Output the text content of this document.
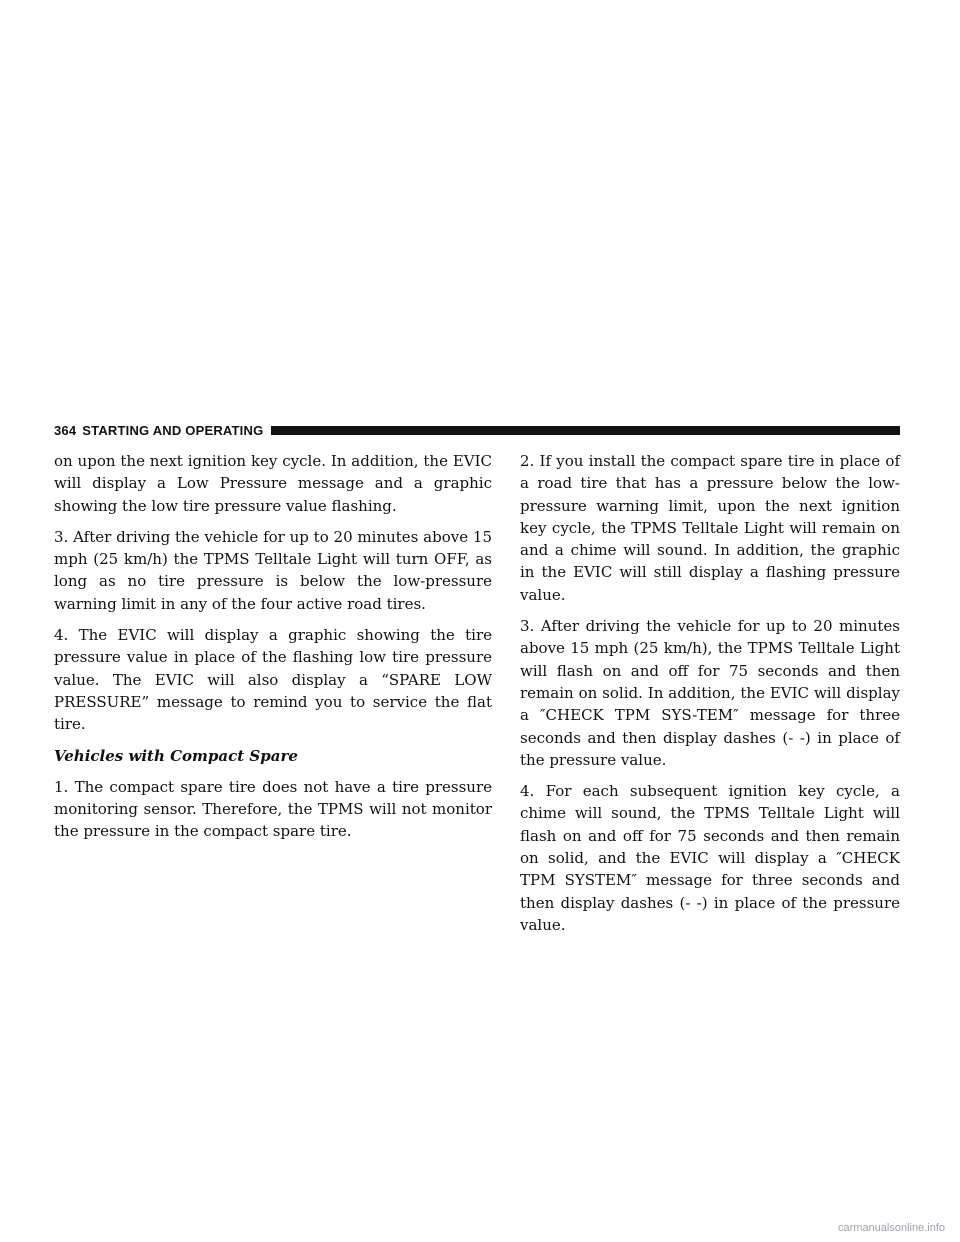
364 STARTING AND OPERATING

on upon the next ignition key cycle. In addition, the EVIC will display a Low Pressure message and a graphic showing the low tire pressure value flashing.

3. After driving the vehicle for up to 20 minutes above 15 mph (25 km/h) the TPMS Telltale Light will turn OFF, as long as no tire pressure is below the low-pressure warning limit in any of the four active road tires.

4. The EVIC will display a graphic showing the tire pressure value in place of the flashing low tire pressure value. The EVIC will also display a “SPARE LOW PRESSURE” message to remind you to service the flat tire.

Vehicles with Compact Spare

1. The compact spare tire does not have a tire pressure monitoring sensor. Therefore, the TPMS will not monitor the pressure in the compact spare tire.

2. If you install the compact spare tire in place of a road tire that has a pressure below the low-pressure warning limit, upon the next ignition key cycle, the TPMS Telltale Light will remain on and a chime will sound. In addition, the graphic in the EVIC will still display a flashing pressure value.

3. After driving the vehicle for up to 20 minutes above 15 mph (25 km/h), the TPMS Telltale Light will flash on and off for 75 seconds and then remain on solid. In addition, the EVIC will display a ″CHECK TPM SYS-TEM″ message for three seconds and then display dashes (- -) in place of the pressure value.

4. For each subsequent ignition key cycle, a chime will sound, the TPMS Telltale Light will flash on and off for 75 seconds and then remain on solid, and the EVIC will display a ″CHECK TPM SYSTEM″ message for three seconds and then display dashes (- -) in place of the pressure value.

carmanualsonline.info
